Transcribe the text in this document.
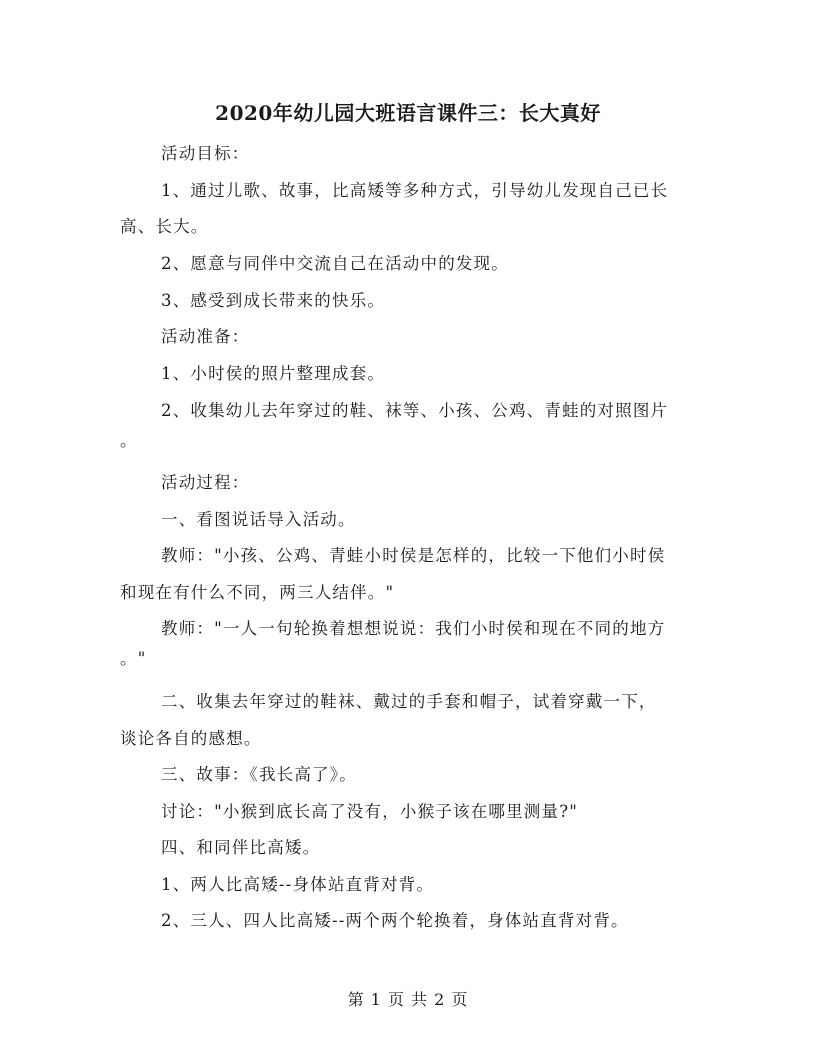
2020年幼儿园大班语言课件三：长大真好
活动目标：
1、通过儿歌、故事，比高矮等多种方式，引导幼儿发现自己已长
高、长大。
2、愿意与同伴中交流自己在活动中的发现。
3、感受到成长带来的快乐。
活动准备：
1、小时侯的照片整理成套。
2、收集幼儿去年穿过的鞋、袜等、小孩、公鸡、青蛙的对照图片
。
活动过程：
一、看图说话导入活动。
教师："小孩、公鸡、青蛙小时侯是怎样的，比较一下他们小时侯
和现在有什么不同，两三人结伴。"
教师："一人一句轮换着想想说说：我们小时侯和现在不同的地方
。"
二、收集去年穿过的鞋袜、戴过的手套和帽子，试着穿戴一下，
谈论各自的感想。
三、故事：《我长高了》。
讨论："小猴到底长高了没有，小猴子该在哪里测量?"
四、和同伴比高矮。
1、两人比高矮--身体站直背对背。
2、三人、四人比高矮--两个两个轮换着，身体站直背对背。
第 1 页 共 2 页
